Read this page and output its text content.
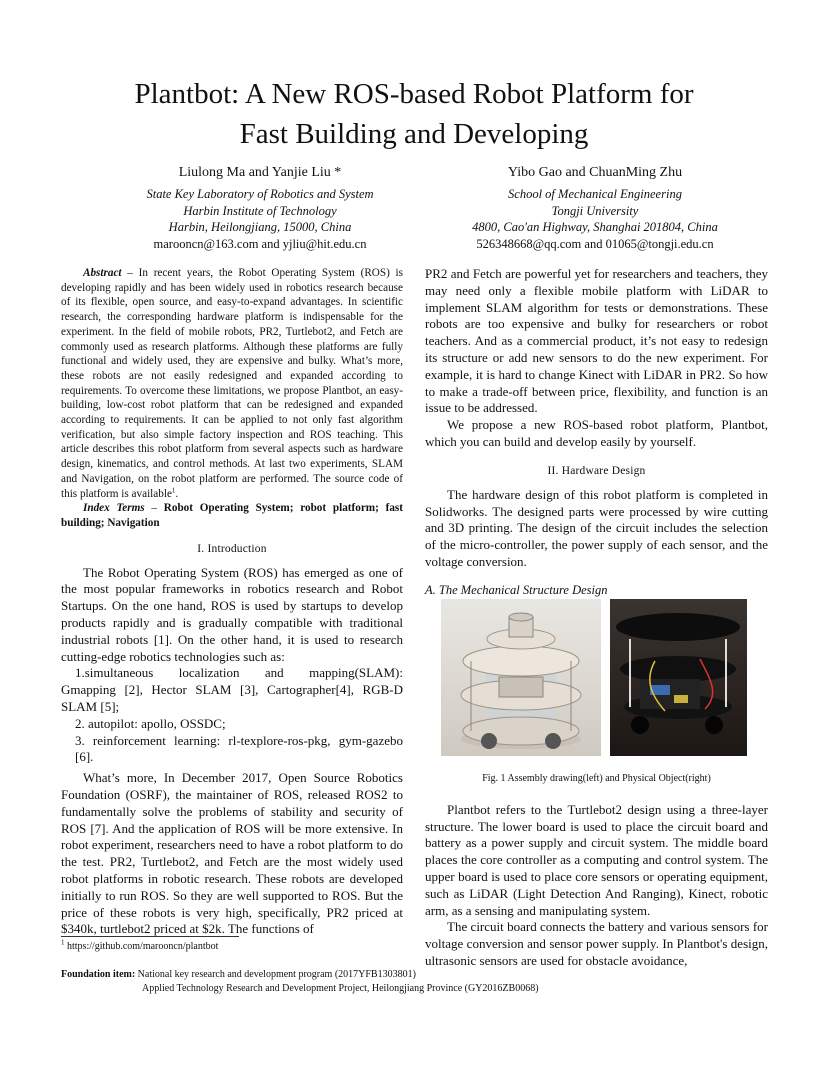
Plantbot: A New ROS-based Robot Platform for
Fast Building and Developing
Liulong Ma and Yanjie Liu *
State Key Laboratory of Robotics and System
Harbin Institute of Technology
Harbin, Heilongjiang, 15000, China
marooncn@163.com and yjliu@hit.edu.cn
Yibo Gao and ChuanMing Zhu
School of Mechanical Engineering
Tongji University
4800, Cao'an Highway, Shanghai 201804, China
526348668@qq.com and 01065@tongji.edu.cn

Abstract – In recent years, the Robot Operating System (ROS) is developing rapidly and has been widely used in robotics research because of its flexible, open source, and easy-to-expand advantages. In scientific research, the corresponding hardware platform is indispensable for the experiment. In the field of mobile robots, PR2, Turtlebot2, and Fetch are commonly used as research platforms. Although these platforms are fully functional and widely used, they are expensive and bulky. What’s more, these robots are not easily redesigned and expanded according to requirements. To overcome these limitations, we propose Plantbot, an easy-building, low-cost robot platform that can be redesigned and expanded according to requirements. It can be applied to not only fast algorithm verification, but also simple factory inspection and ROS teaching. This article describes this robot platform from several aspects such as hardware design, kinematics, and control methods. At last two experiments, SLAM and Navigation, on the robot platform are performed. The source code of this platform is available$^1$.

Index Terms – Robot Operating System; robot platform; fast building; Navigation

I. Introduction

The Robot Operating System (ROS) has emerged as one of the most popular frameworks in robotics research and Robot Startups. On the one hand, ROS is used by startups to develop products rapidly and is gradually compatible with traditional industrial robots [1]. On the other hand, it is used to research cutting-edge robotics technologies such as:

1.simultaneous localization and mapping(SLAM):
Gmapping [2], Hector SLAM [3], Cartographer[4], RGB-D SLAM [5];
2. autopilot: apollo, OSSDC;
3. reinforcement learning: rl-texplore-ros-pkg, gym-gazebo [6].

What’s more, In December 2017, Open Source Robotics Foundation (OSRF), the maintainer of ROS, released ROS2 to fundamentally solve the problems of stability and security of ROS [7]. And the application of ROS will be more extensive. In robot experiment, researchers need to have a robot platform to do the test. PR2, Turtlebot2, and Fetch are the most widely used robot platforms in robotic research. These robots are developed initially to run ROS. So they are well supported to ROS. But the price of these robots is very high, specifically, PR2 priced at $340k, turtlebot2 priced at $2k. The functions of

PR2 and Fetch are powerful yet for researchers and teachers, they may need only a flexible mobile platform with LiDAR to implement SLAM algorithm for tests or demonstrations. These robots are too expensive and bulky for researchers or robot teachers. And as a commercial product, it’s not easy to redesign its structure or add new sensors to do the new experiment. For example, it is hard to change Kinect with LiDAR in PR2. So how to make a trade-off between price, flexibility, and function is an issue to be addressed.

We propose a new ROS-based robot platform, Plantbot, which you can build and develop easily by yourself.

II. Hardware Design

The hardware design of this robot platform is completed in Solidworks. The designed parts were processed by wire cutting and 3D printing. The design of the circuit includes the selection of the micro-controller, the power supply of each sensor, and the voltage conversion.

A. The Mechanical Structure Design

Plantbot refers to the Turtlebot2 design using a three-layer structure. The lower board is used to place the circuit board and battery as a power supply and circuit system. The middle board places the core controller as a computing and control system. The upper board is used to place core sensors or operating equipment, such as LiDAR (Light Detection And Ranging), Kinect, robotic arm, as a sensing and manipulating system.

The circuit board connects the battery and various sensors for voltage conversion and sensor power supply. In Plantbot's design, ultrasonic sensors are used for obstacle avoidance,

Fig. 1 Assembly drawing(left) and Physical Object(right)
$^1$ https://github.com/marooncn/plantbot
Foundation item: National key research and development program (2017YFB1303801)
Applied Technology Research and Development Project, Heilongjiang Province (GY2016ZB0068)
